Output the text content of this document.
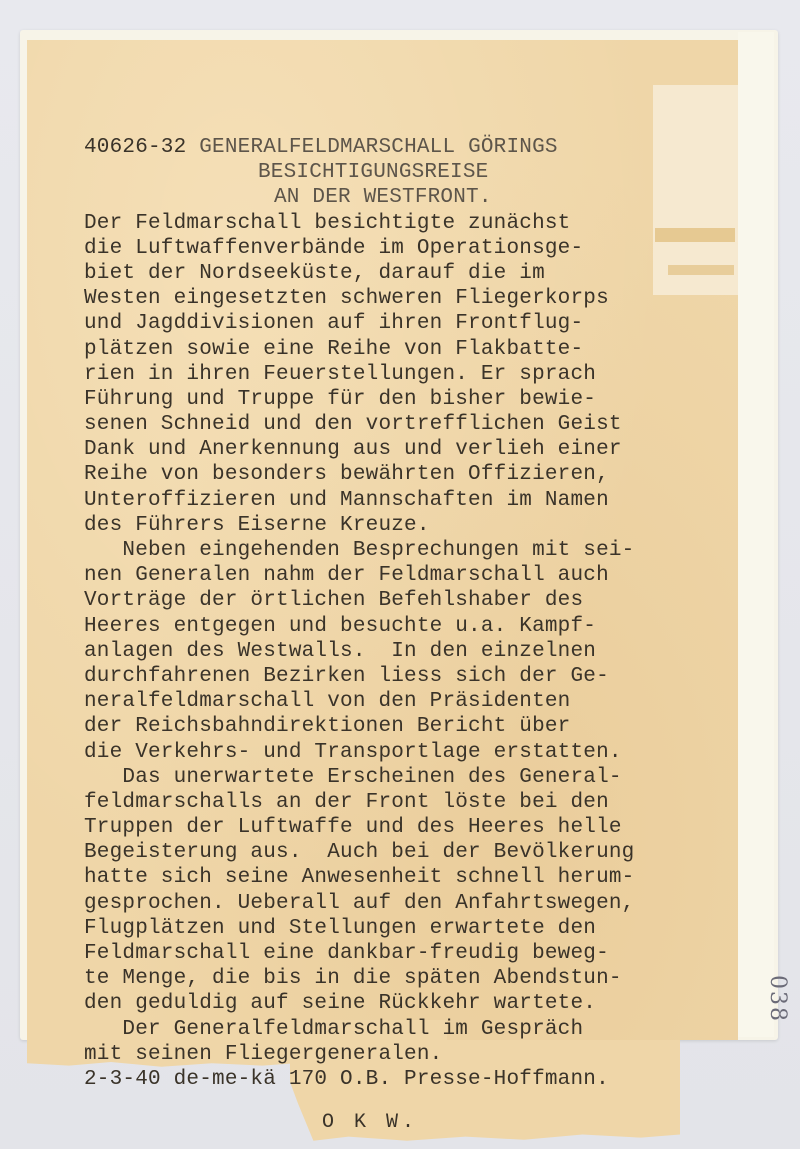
40626-32 GENERALFELDMARSCHALL GÖRINGS
BESICHTIGUNGSREISE
AN DER WESTFRONT.
Der Feldmarschall besichtigte zunächst
die Luftwaffenverbände im Operationsge-
biet der Nordseeküste, darauf die im
Westen eingesetzten schweren Fliegerkorps
und Jagddivisionen auf ihren Frontflug-
plätzen sowie eine Reihe von Flakbatte-
rien in ihren Feuerstellungen. Er sprach
Führung und Truppe für den bisher bewie-
senen Schneid und den vortrefflichen Geist
Dank und Anerkennung aus und verlieh einer
Reihe von besonders bewährten Offizieren,
Unteroffizieren und Mannschaften im Namen
des Führers Eiserne Kreuze.
Neben eingehenden Besprechungen mit sei-
nen Generalen nahm der Feldmarschall auch
Vorträge der örtlichen Befehlshaber des
Heeres entgegen und besuchte u.a. Kampf-
anlagen des Westwalls.  In den einzelnen
durchfahrenen Bezirken liess sich der Ge-
neralfeldmarschall von den Präsidenten
der Reichsbahndirektionen Bericht über
die Verkehrs- und Transportlage erstatten.
Das unerwartete Erscheinen des General-
feldmarschalls an der Front löste bei den
Truppen der Luftwaffe und des Heeres helle
Begeisterung aus.  Auch bei der Bevölkerung
hatte sich seine Anwesenheit schnell herum-
gesprochen. Ueberall auf den Anfahrtswegen,
Flugplätzen und Stellungen erwartete den
Feldmarschall eine dankbar-freudig beweg-
te Menge, die bis in die späten Abendstun-
den geduldig auf seine Rückkehr wartete.
Der Generalfeldmarschall im Gespräch
mit seinen Fliegergeneralen.
2-3-40 de-me-kä 170 O.B. Presse-Hoffmann.
O K W.
038
